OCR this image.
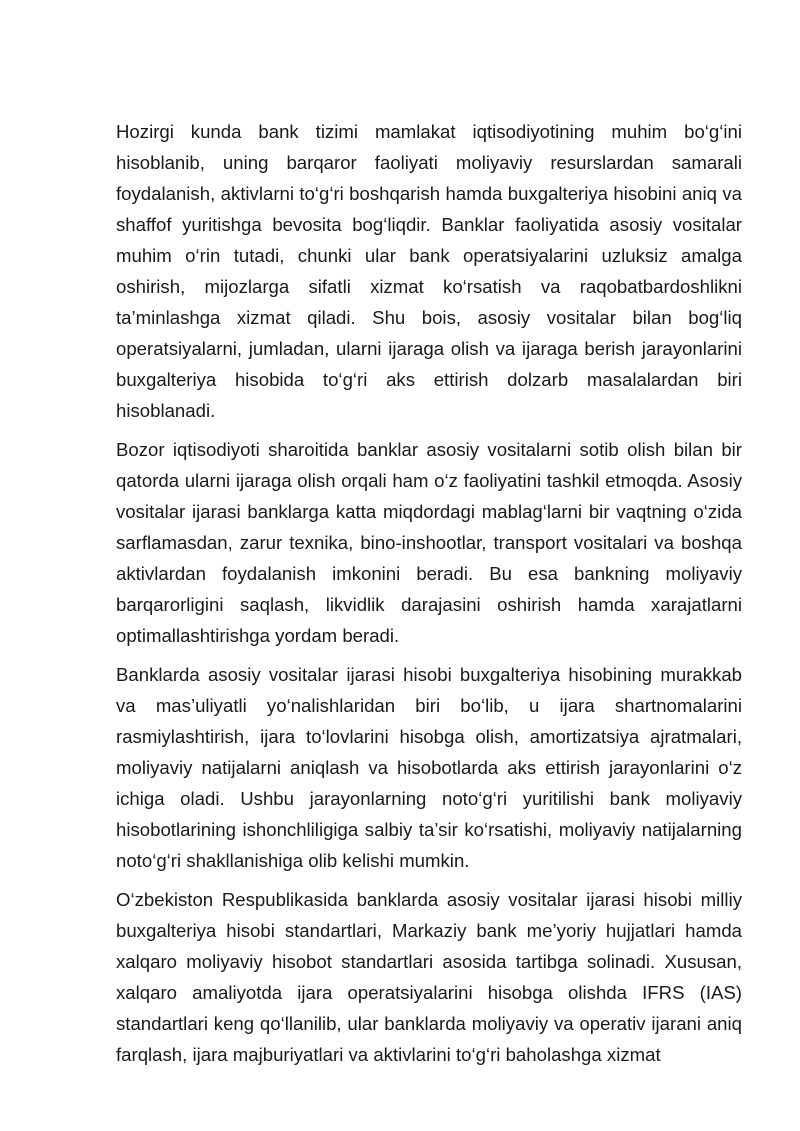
Hozirgi kunda bank tizimi mamlakat iqtisodiyotining muhim bo‘g‘ini hisoblanib, uning barqaror faoliyati moliyaviy resurslardan samarali foydalanish, aktivlarni to‘g‘ri boshqarish hamda buxgalteriya hisobini aniq va shaffof yuritishga bevosita bog‘liqdir. Banklar faoliyatida asosiy vositalar muhim o‘rin tutadi, chunki ular bank operatsiyalarini uzluksiz amalga oshirish, mijozlarga sifatli xizmat ko‘rsatish va raqobatbardoshlikni ta’minlashga xizmat qiladi. Shu bois, asosiy vositalar bilan bog‘liq operatsiyalarni, jumladan, ularni ijaraga olish va ijaraga berish jarayonlarini buxgalteriya hisobida to‘g‘ri aks ettirish dolzarb masalalardan biri hisoblanadi.

Bozor iqtisodiyoti sharoitida banklar asosiy vositalarni sotib olish bilan bir qatorda ularni ijaraga olish orqali ham o‘z faoliyatini tashkil etmoqda. Asosiy vositalar ijarasi banklarga katta miqdordagi mablag‘larni bir vaqtning o‘zida sarflamasdan, zarur texnika, bino-inshootlar, transport vositalari va boshqa aktivlardan foydalanish imkonini beradi. Bu esa bankning moliyaviy barqarorligini saqlash, likvidlik darajasini oshirish hamda xarajatlarni optimallashtirishga yordam beradi.

Banklarda asosiy vositalar ijarasi hisobi buxgalteriya hisobining murakkab va mas’uliyatli yo‘nalishlaridan biri bo‘lib, u ijara shartnomalarini rasmiylashtirish, ijara to‘lovlarini hisobga olish, amortizatsiya ajratmalari, moliyaviy natijalarni aniqlash va hisobotlarda aks ettirish jarayonlarini o‘z ichiga oladi. Ushbu jarayonlarning noto‘g‘ri yuritilishi bank moliyaviy hisobotlarining ishonchliligiga salbiy ta’sir ko‘rsatishi, moliyaviy natijalarning noto‘g‘ri shakllanishiga olib kelishi mumkin.

O‘zbekiston Respublikasida banklarda asosiy vositalar ijarasi hisobi milliy buxgalteriya hisobi standartlari, Markaziy bank me’yoriy hujjatlari hamda xalqaro moliyaviy hisobot standartlari asosida tartibga solinadi. Xususan, xalqaro amaliyotda ijara operatsiyalarini hisobga olishda IFRS (IAS) standartlari keng qo‘llanilib, ular banklarda moliyaviy va operativ ijarani aniq farqlash, ijara majburiyatlari va aktivlarini to‘g‘ri baholashga xizmat
